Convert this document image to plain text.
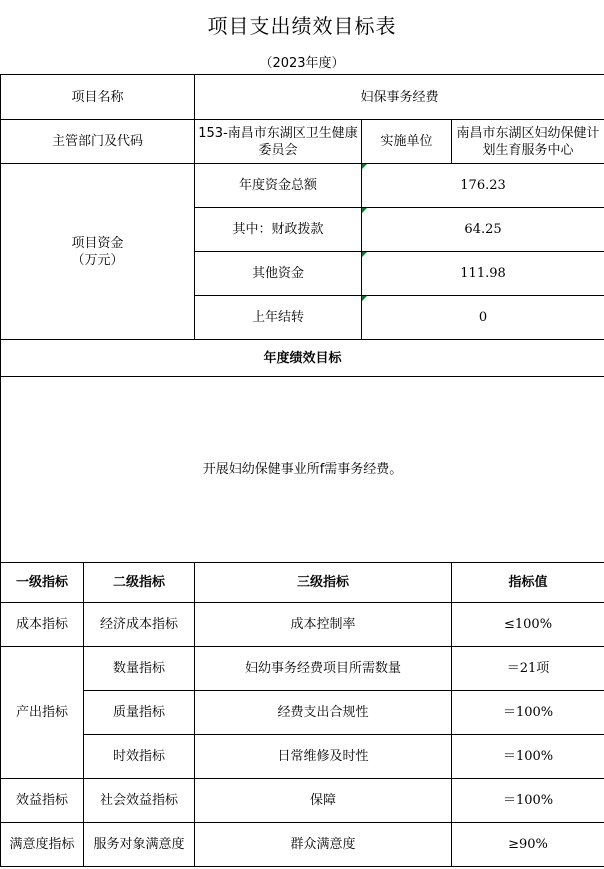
项目支出绩效目标表
（2023年度）
项目名称		妇保事务经费		
主管部门及代码		153-南昌市东湖区卫生健康委员会	实施单位	南昌市东湖区妇幼保健计划生育服务中心
项目资金
（万元）		年度资金总额	176.23	
		其中：财政拨款	64.25	
		其他资金	111.98	
		上年结转	0	
年度绩效目标				
开展妇幼保健事业所f需事务经费。				
一级指标	二级指标	三级指标		指标值
成本指标	经济成本指标	成本控制率		≤100%
产出指标	数量指标	妇幼事务经费项目所需数量		＝21项
	质量指标	经费支出合规性		＝100%
	时效指标	日常维修及时性		＝100%
效益指标	社会效益指标	保障		＝100%
满意度指标	服务对象满意度	群众满意度		≥90%
